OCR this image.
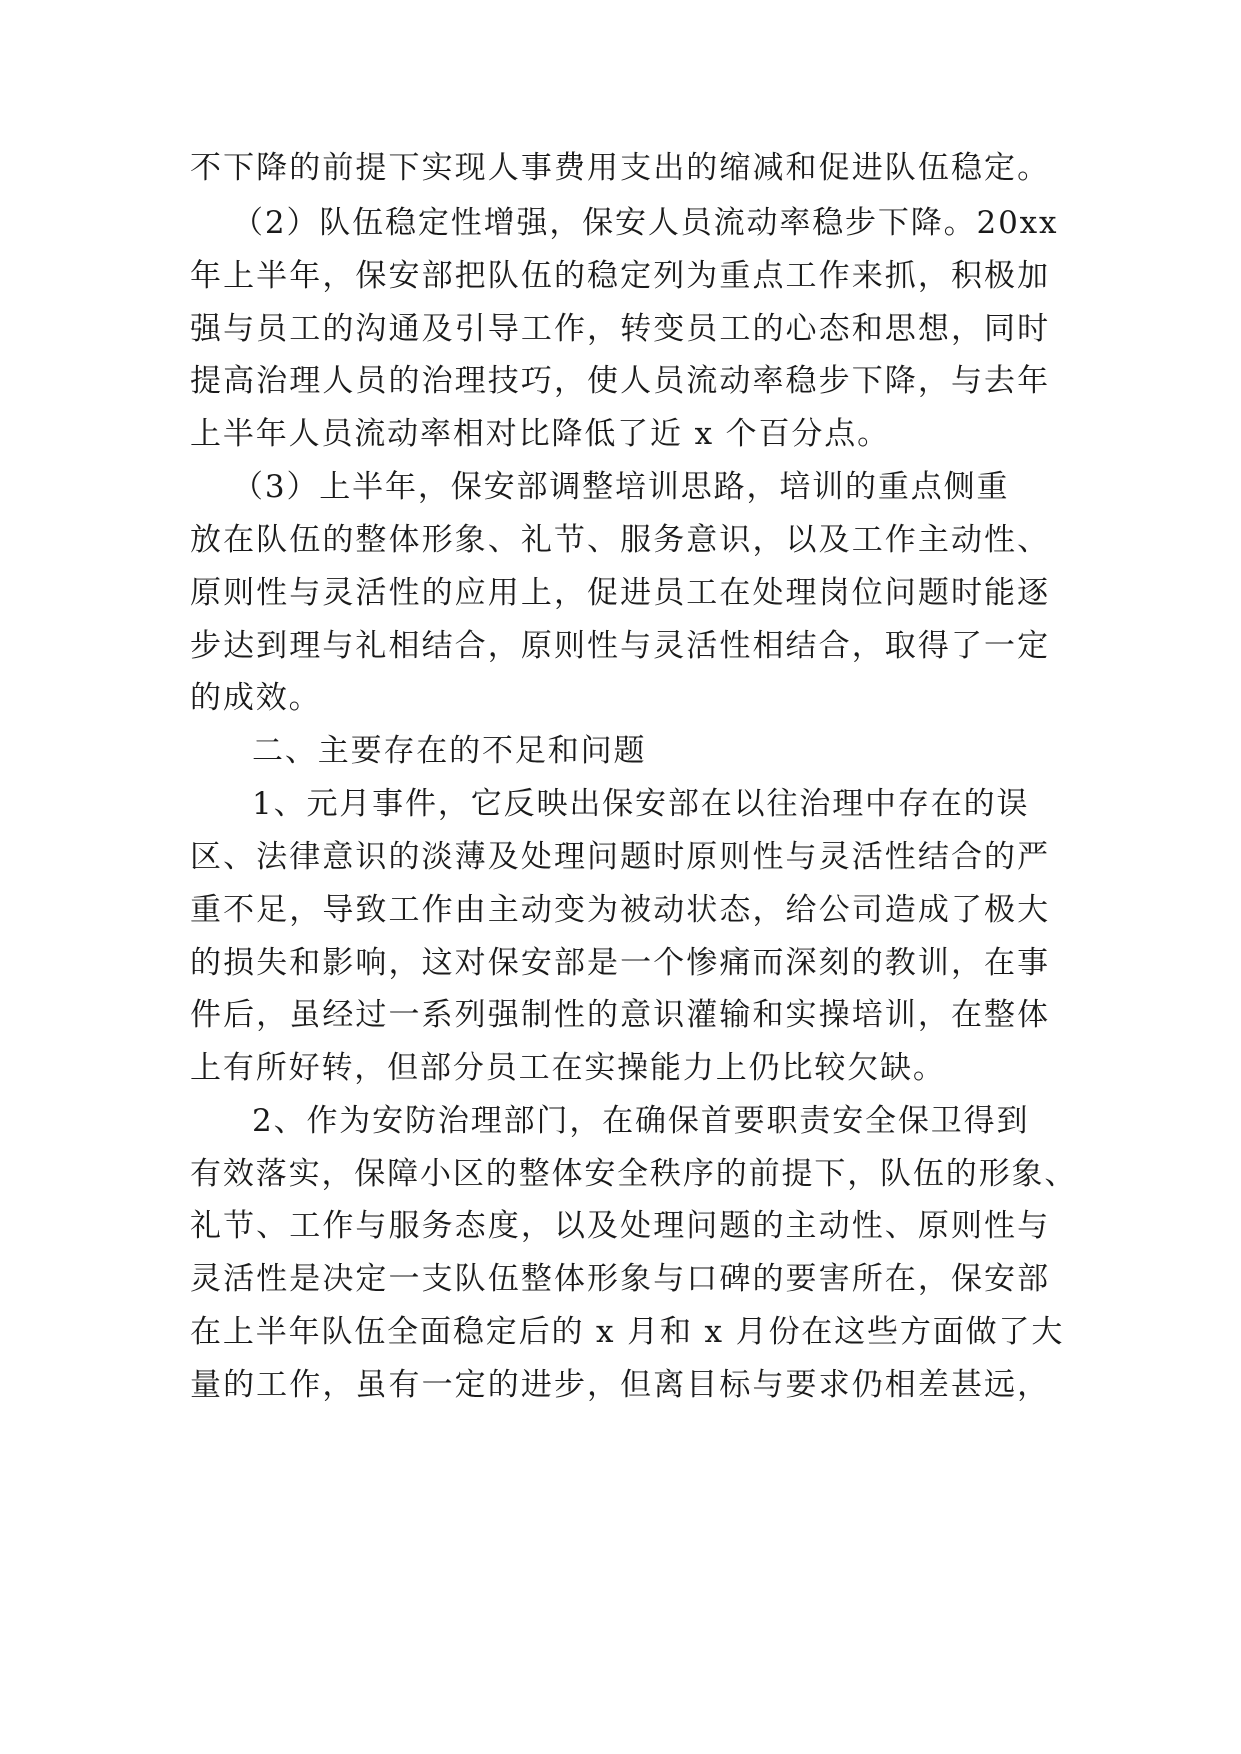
不下降的前提下实现人事费用支出的缩减和促进队伍稳定。
（2）队伍稳定性增强，保安人员流动率稳步下降。20xx
年上半年，保安部把队伍的稳定列为重点工作来抓，积极加
强与员工的沟通及引导工作，转变员工的心态和思想，同时
提高治理人员的治理技巧，使人员流动率稳步下降，与去年
上半年人员流动率相对比降低了近 x 个百分点。
（3）上半年，保安部调整培训思路，培训的重点侧重
放在队伍的整体形象、礼节、服务意识，以及工作主动性、
原则性与灵活性的应用上，促进员工在处理岗位问题时能逐
步达到理与礼相结合，原则性与灵活性相结合，取得了一定
的成效。
二、主要存在的不足和问题
1、元月事件，它反映出保安部在以往治理中存在的误
区、法律意识的淡薄及处理问题时原则性与灵活性结合的严
重不足，导致工作由主动变为被动状态，给公司造成了极大
的损失和影响，这对保安部是一个惨痛而深刻的教训，在事
件后，虽经过一系列强制性的意识灌输和实操培训，在整体
上有所好转，但部分员工在实操能力上仍比较欠缺。
2、作为安防治理部门，在确保首要职责安全保卫得到
有效落实，保障小区的整体安全秩序的前提下，队伍的形象、
礼节、工作与服务态度，以及处理问题的主动性、原则性与
灵活性是决定一支队伍整体形象与口碑的要害所在，保安部
在上半年队伍全面稳定后的 x 月和 x 月份在这些方面做了大
量的工作，虽有一定的进步，但离目标与要求仍相差甚远，
